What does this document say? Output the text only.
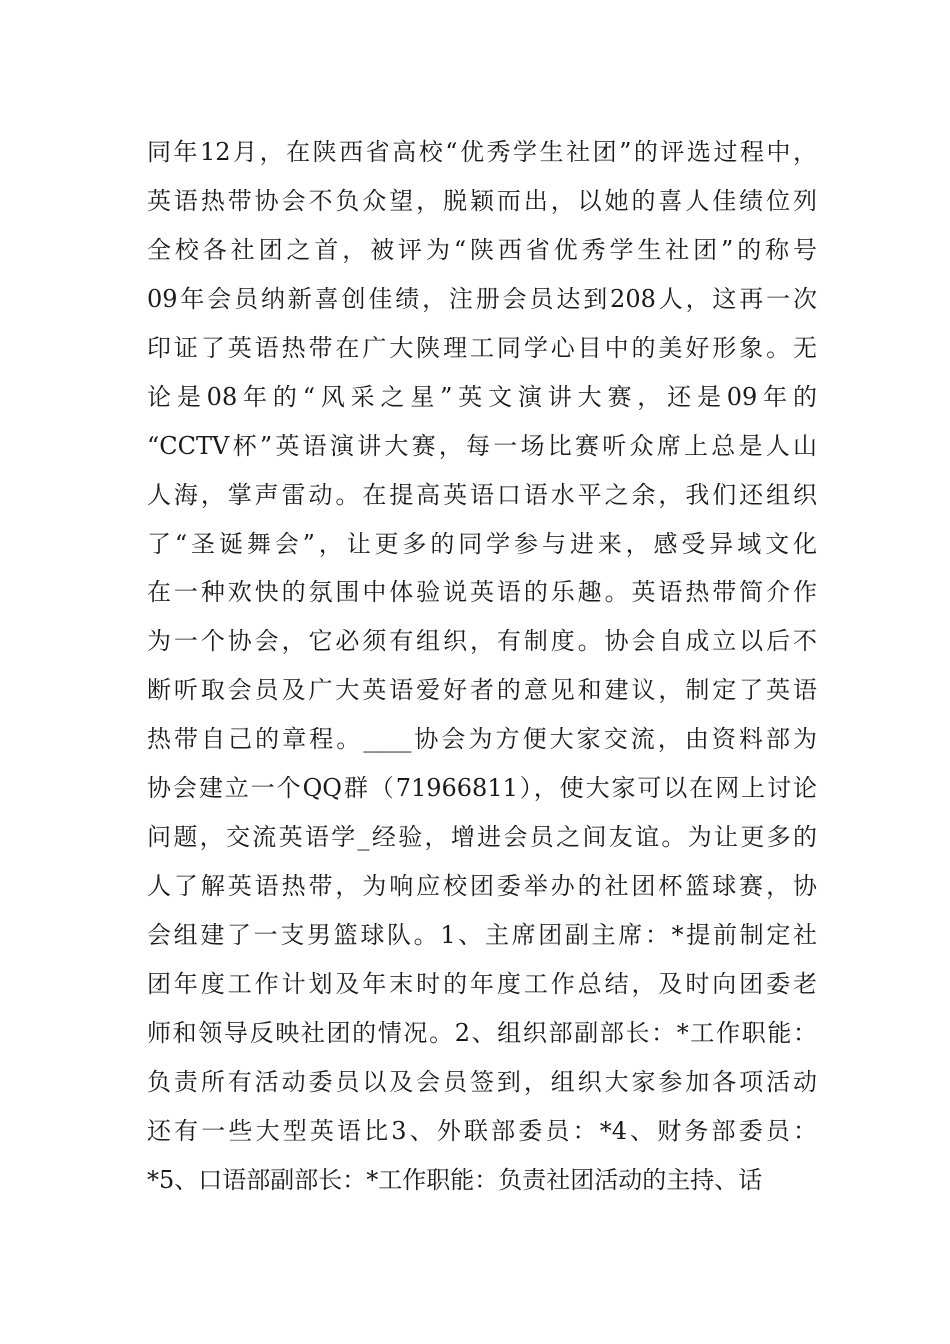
同年12月，在陕西省高校“优秀学生社团”的评选过程中，
英语热带协会不负众望，脱颖而出，以她的喜人佳绩位列
全校各社团之首，被评为“陕西省优秀学生社团”的称号
09年会员纳新喜创佳绩，注册会员达到208人，这再一次
印证了英语热带在广大陕理工同学心目中的美好形象。无
论是08年的“风采之星”英文演讲大赛，还是09年的
“CCTV杯”英语演讲大赛，每一场比赛听众席上总是人山
人海，掌声雷动。在提高英语口语水平之余，我们还组织
了“圣诞舞会”，让更多的同学参与进来，感受异域文化
在一种欢快的氛围中体验说英语的乐趣。英语热带简介作
为一个协会，它必须有组织，有制度。协会自成立以后不
断听取会员及广大英语爱好者的意见和建议，制定了英语
热带自己的章程。____协会为方便大家交流，由资料部为
协会建立一个QQ群（71966811），使大家可以在网上讨论
问题，交流英语学_经验，增进会员之间友谊。为让更多的
人了解英语热带，为响应校团委举办的社团杯篮球赛，协
会组建了一支男篮球队。1、主席团副主席：*提前制定社
团年度工作计划及年末时的年度工作总结，及时向团委老
师和领导反映社团的情况。2、组织部副部长：*工作职能：
负责所有活动委员以及会员签到，组织大家参加各项活动
还有一些大型英语比3、外联部委员：*4、财务部委员：
*5、口语部副部长：*工作职能：负责社团活动的主持、话
